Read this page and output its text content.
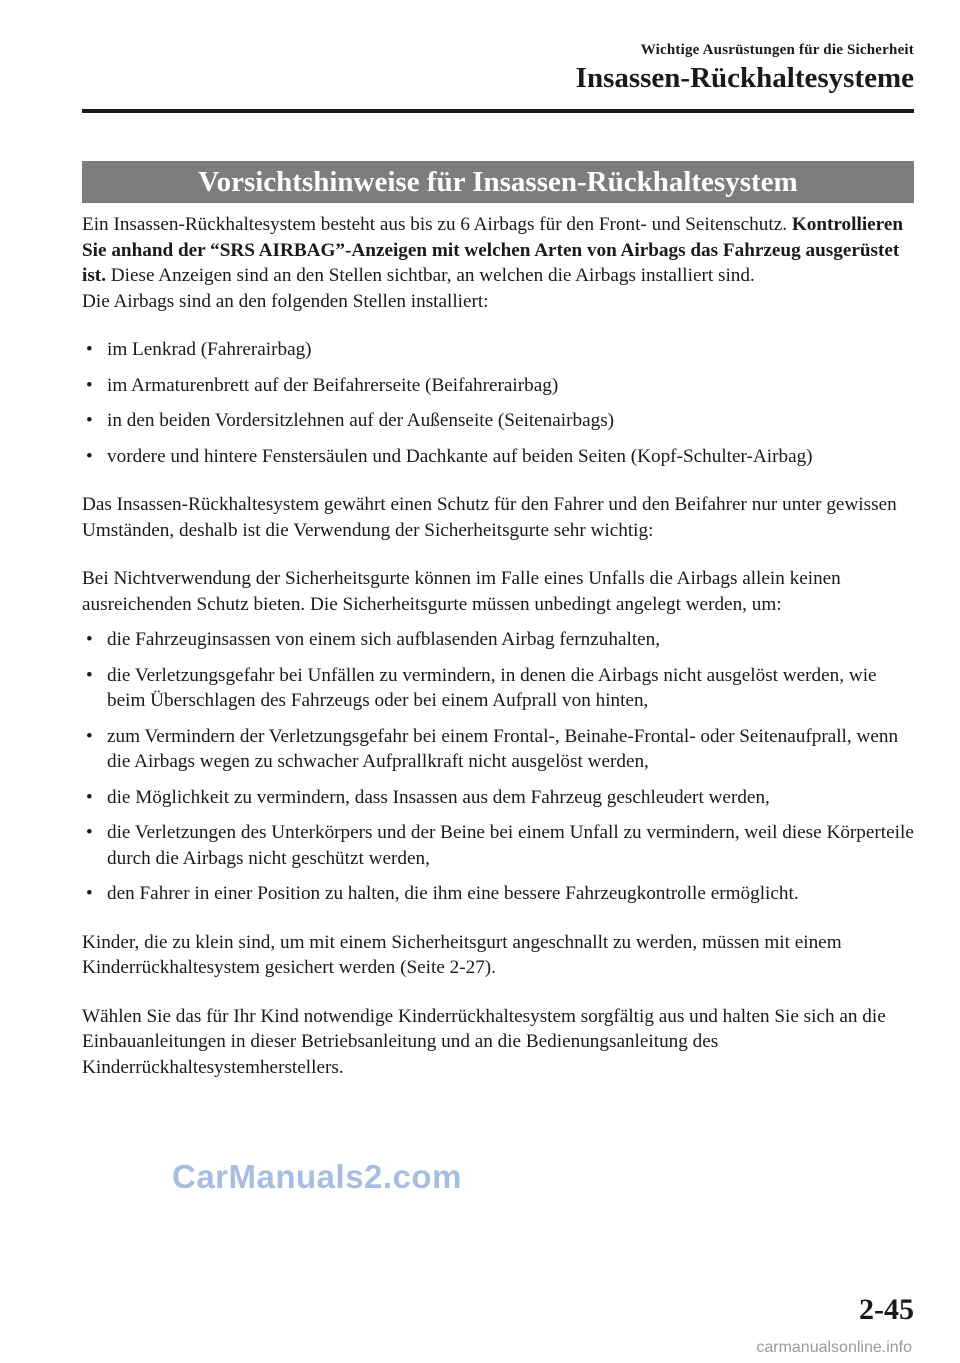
Wichtige Ausrüstungen für die Sicherheit
Insassen-Rückhaltesysteme
Vorsichtshinweise für Insassen-Rückhaltesystem

Ein Insassen-Rückhaltesystem besteht aus bis zu 6 Airbags für den Front- und Seitenschutz. Kontrollieren Sie anhand der “SRS AIRBAG”-Anzeigen mit welchen Arten von Airbags das Fahrzeug ausgerüstet ist. Diese Anzeigen sind an den Stellen sichtbar, an welchen die Airbags installiert sind.

Die Airbags sind an den folgenden Stellen installiert:

• im Lenkrad (Fahrerairbag)
• im Armaturenbrett auf der Beifahrerseite (Beifahrerairbag)
• in den beiden Vordersitzlehnen auf der Außenseite (Seitenairbags)
• vordere und hintere Fenstersäulen und Dachkante auf beiden Seiten (Kopf-Schulter-Airbag)

Das Insassen-Rückhaltesystem gewährt einen Schutz für den Fahrer und den Beifahrer nur unter gewissen Umständen, deshalb ist die Verwendung der Sicherheitsgurte sehr wichtig:

Bei Nichtverwendung der Sicherheitsgurte können im Falle eines Unfalls die Airbags allein keinen ausreichenden Schutz bieten. Die Sicherheitsgurte müssen unbedingt angelegt werden, um:

• die Fahrzeuginsassen von einem sich aufblasenden Airbag fernzuhalten,
• die Verletzungsgefahr bei Unfällen zu vermindern, in denen die Airbags nicht ausgelöst werden, wie beim Überschlagen des Fahrzeugs oder bei einem Aufprall von hinten,
• zum Vermindern der Verletzungsgefahr bei einem Frontal-, Beinahe-Frontal- oder Seitenaufprall, wenn die Airbags wegen zu schwacher Aufprallkraft nicht ausgelöst werden,
• die Möglichkeit zu vermindern, dass Insassen aus dem Fahrzeug geschleudert werden,
• die Verletzungen des Unterkörpers und der Beine bei einem Unfall zu vermindern, weil diese Körperteile durch die Airbags nicht geschützt werden,
• den Fahrer in einer Position zu halten, die ihm eine bessere Fahrzeugkontrolle ermöglicht.

Kinder, die zu klein sind, um mit einem Sicherheitsgurt angeschnallt zu werden, müssen mit einem Kinderrückhaltesystem gesichert werden (Seite 2-27).

Wählen Sie das für Ihr Kind notwendige Kinderrückhaltesystem sorgfältig aus und halten Sie sich an die Einbauanleitungen in dieser Betriebsanleitung und an die Bedienungsanleitung des Kinderrückhaltesystemherstellers.

CarManuals2.com
2-45
carmanualsonline.info
